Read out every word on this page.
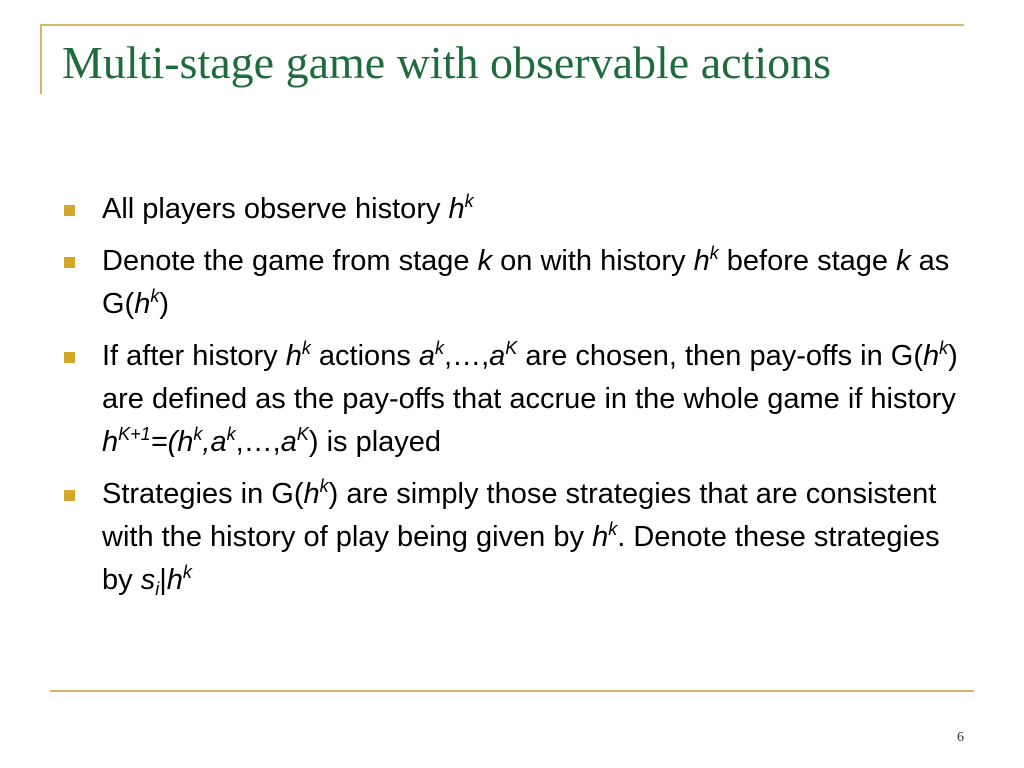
Multi-stage game with observable actions
All players observe history $h^k$
Denote the game from stage k on with history $h^k$ before stage k as $G(h^k)$
If after history $h^k$ actions $a^k,\dots,a^K$ are chosen, then pay-offs in $G(h^k)$ are defined as the pay-offs that accrue in the whole game if history $h^{K+1}=(h^k,a^k,\dots,a^K)$ is played
Strategies in $G(h^k)$ are simply those strategies that are consistent with the history of play being given by $h^k$. Denote these strategies by $s_i|h^k$
6
